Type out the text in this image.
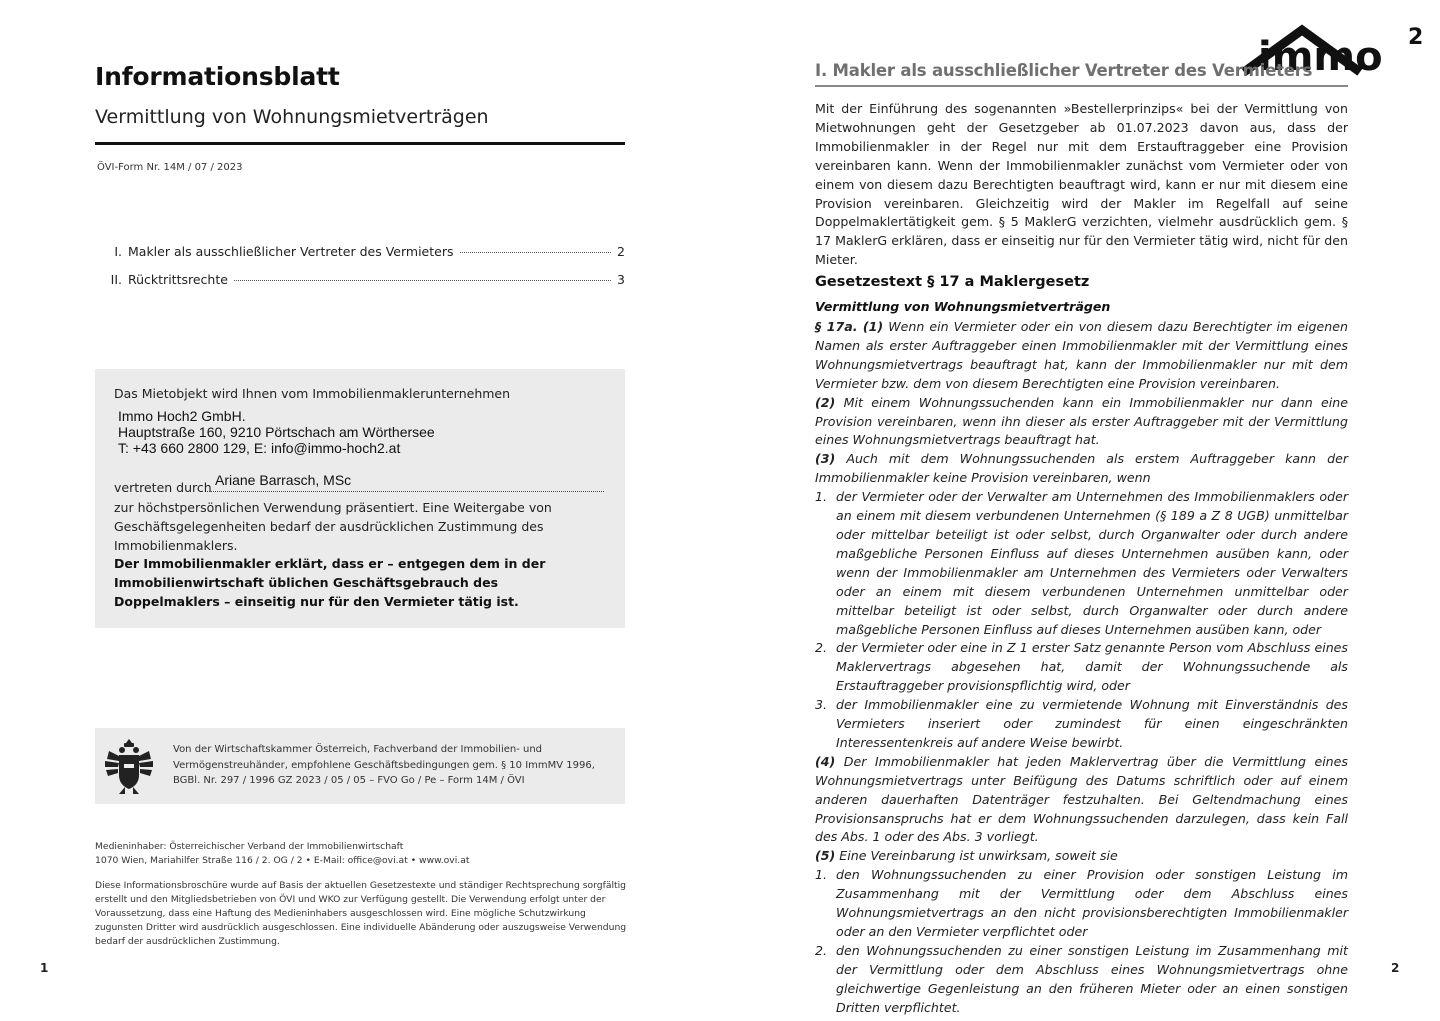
Informationsblatt
Vermittlung von Wohnungsmietverträgen
ÖVI-Form Nr. 14M / 07 / 2023
I. Makler als ausschließlicher Vertreter des Vermieters	2
II. Rücktrittsrechte	3
Das Mietobjekt wird Ihnen vom Immobilienmaklerunternehmen
Immo Hoch2 GmbH.
Hauptstraße 160, 9210 Pörtschach am Wörthersee
T: +43 660 2800 129, E: info@immo-hoch2.at
vertreten durch Ariane Barrasch, MSc
zur höchstpersönlichen Verwendung präsentiert. Eine Weitergabe von Geschäftsgelegenheiten bedarf der ausdrücklichen Zustimmung des Immobilienmaklers.
Der Immobilienmakler erklärt, dass er – entgegen dem in der Immobilienwirtschaft üblichen Geschäftsgebrauch des Doppelmaklers – einseitig nur für den Vermieter tätig ist.
Von der Wirtschaftskammer Österreich, Fachverband der Immobilien- und Vermögenstreuhänder, empfohlene Geschäftsbedingungen gem. § 10 ImmMV 1996, BGBl. Nr. 297 / 1996 GZ 2023 / 05 / 05 – FVO Go / Pe – Form 14M / ÖVI
Medieninhaber: Österreichischer Verband der Immobilienwirtschaft
1070 Wien, Mariahilfer Straße 116 / 2. OG / 2 • E-Mail: office@ovi.at • www.ovi.at
Diese Informationsbroschüre wurde auf Basis der aktuellen Gesetzestexte und ständiger Rechtsprechung sorgfältig erstellt und den Mitgliedsbetrieben von ÖVI und WKO zur Verfügung gestellt. Die Verwendung erfolgt unter der Voraussetzung, dass eine Haftung des Medieninhabers ausgeschlossen wird. Eine mögliche Schutzwirkung zugunsten Dritter wird ausdrücklich ausgeschlossen. Eine individuelle Abänderung oder auszugsweise Verwendung bedarf der ausdrücklichen Zustimmung.
1
immo 2
I. Makler als ausschließlicher Vertreter des Vermieters
Mit der Einführung des sogenannten »Bestellerprinzips« bei der Vermittlung von Mietwohnungen geht der Gesetzgeber ab 01.07.2023 davon aus, dass der Immobilienmakler in der Regel nur mit dem Erstauftraggeber eine Provision vereinbaren kann. Wenn der Immobilienmakler zunächst vom Vermieter oder von einem von diesem dazu Berechtigten beauftragt wird, kann er nur mit diesem eine Provision vereinbaren. Gleichzeitig wird der Makler im Regelfall auf seine Doppelmaklertätigkeit gem. § 5 MaklerG verzichten, vielmehr ausdrücklich gem. § 17 MaklerG erklären, dass er einseitig nur für den Vermieter tätig wird, nicht für den Mieter.
Gesetzestext § 17 a Maklergesetz
Vermittlung von Wohnungsmietverträgen

§ 17a. (1) Wenn ein Vermieter oder ein von diesem dazu Berechtigter im eigenen Namen als erster Auftraggeber einen Immobilienmakler mit der Vermittlung eines Wohnungsmietvertrags beauftragt hat, kann der Immobilienmakler nur mit dem Vermieter bzw. dem von diesem Berechtigten eine Provision vereinbaren.

(2) Mit einem Wohnungssuchenden kann ein Immobilienmakler nur dann eine Provision vereinbaren, wenn ihn dieser als erster Auftraggeber mit der Vermittlung eines Wohnungsmietvertrags beauftragt hat.

(3) Auch mit dem Wohnungssuchenden als erstem Auftraggeber kann der Immobilienmakler keine Provision vereinbaren, wenn

1. der Vermieter oder der Verwalter am Unternehmen des Immobilienmaklers oder an einem mit diesem verbundenen Unternehmen (§ 189 a Z 8 UGB) unmittelbar oder mittelbar beteiligt ist oder selbst, durch Organwalter oder durch andere maßgebliche Personen Einfluss auf dieses Unternehmen ausüben kann, oder wenn der Immobilienmakler am Unternehmen des Vermieters oder Verwalters oder an einem mit diesem verbundenen Unternehmen unmittelbar oder mittelbar beteiligt ist oder selbst, durch Organwalter oder durch andere maßgebliche Personen Einfluss auf dieses Unternehmen ausüben kann, oder
2. der Vermieter oder eine in Z 1 erster Satz genannte Person vom Abschluss eines Maklervertrags abgesehen hat, damit der Wohnungssuchende als Erstauftraggeber provisionspflichtig wird, oder
3. der Immobilienmakler eine zu vermietende Wohnung mit Einverständnis des Vermieters inseriert oder zumindest für einen eingeschränkten Interessentenkreis auf andere Weise bewirbt.

(4) Der Immobilienmakler hat jeden Maklervertrag über die Vermittlung eines Wohnungsmietvertrags unter Beifügung des Datums schriftlich oder auf einem anderen dauerhaften Datenträger festzuhalten. Bei Geltendmachung eines Provisionsanspruchs hat er dem Wohnungssuchenden darzulegen, dass kein Fall des Abs. 1 oder des Abs. 3 vorliegt.

(5) Eine Vereinbarung ist unwirksam, soweit sie

1. den Wohnungssuchenden zu einer Provision oder sonstigen Leistung im Zusammenhang mit der Vermittlung oder dem Abschluss eines Wohnungsmietvertrags an den nicht provisionsberechtigten Immobilienmakler oder an den Vermieter verpflichtet oder
2. den Wohnungssuchenden zu einer sonstigen Leistung im Zusammenhang mit der Vermittlung oder dem Abschluss eines Wohnungsmietvertrags ohne gleichwertige Gegenleistung an den früheren Mieter oder an einen sonstigen Dritten verpflichtet.
2
